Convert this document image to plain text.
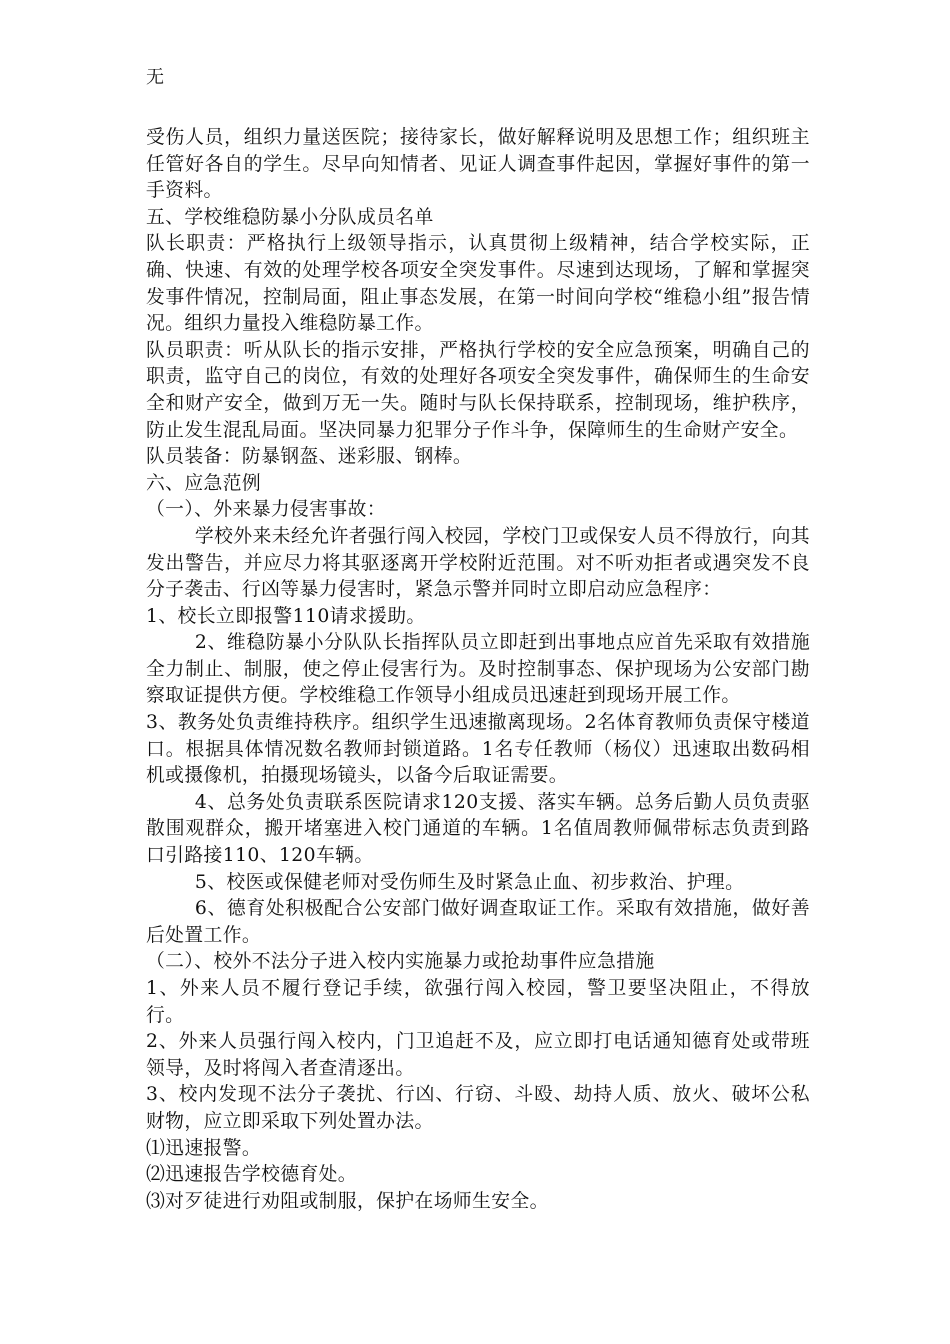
无

受伤人员，组织力量送医院；接待家长，做好解释说明及思想工作；组织班主任管好各自的学生。尽早向知情者、见证人调查事件起因，掌握好事件的第一手资料。

五、学校维稳防暴小分队成员名单

队长职责：严格执行上级领导指示，认真贯彻上级精神，结合学校实际，正确、快速、有效的处理学校各项安全突发事件。尽速到达现场，了解和掌握突发事件情况，控制局面，阻止事态发展，在第一时间向学校“维稳小组”报告情况。组织力量投入维稳防暴工作。

队员职责：听从队长的指示安排，严格执行学校的安全应急预案，明确自己的职责，监守自己的岗位，有效的处理好各项安全突发事件，确保师生的生命安全和财产安全，做到万无一失。随时与队长保持联系，控制现场，维护秩序，防止发生混乱局面。坚决同暴力犯罪分子作斗争，保障师生的生命财产安全。

队员装备：防暴钢盔、迷彩服、钢棒。

六、应急范例

（一）、外来暴力侵害事故：

学校外来未经允许者强行闯入校园，学校门卫或保安人员不得放行，向其发出警告，并应尽力将其驱逐离开学校附近范围。对不听劝拒者或遇突发不良分子袭击、行凶等暴力侵害时，紧急示警并同时立即启动应急程序：

1、校长立即报警110请求援助。

2、维稳防暴小分队队长指挥队员立即赶到出事地点应首先采取有效措施全力制止、制服，使之停止侵害行为。及时控制事态、保护现场为公安部门勘察取证提供方便。学校维稳工作领导小组成员迅速赶到现场开展工作。

3、教务处负责维持秩序。组织学生迅速撤离现场。2名体育教师负责保守楼道口。根据具体情况数名教师封锁道路。1名专任教师（杨仪）迅速取出数码相机或摄像机，拍摄现场镜头，以备今后取证需要。

4、总务处负责联系医院请求120支援、落实车辆。总务后勤人员负责驱散围观群众，搬开堵塞进入校门通道的车辆。1名值周教师佩带标志负责到路口引路接110、120车辆。

5、校医或保健老师对受伤师生及时紧急止血、初步救治、护理。

6、德育处积极配合公安部门做好调查取证工作。采取有效措施，做好善后处置工作。

（二）、校外不法分子进入校内实施暴力或抢劫事件应急措施

1、外来人员不履行登记手续，欲强行闯入校园，警卫要坚决阻止，不得放行。

2、外来人员强行闯入校内，门卫追赶不及，应立即打电话通知德育处或带班领导，及时将闯入者查清逐出。

3、校内发现不法分子袭扰、行凶、行窃、斗殴、劫持人质、放火、破坏公私财物，应立即采取下列处置办法。

⑴迅速报警。

⑵迅速报告学校德育处。

⑶对歹徒进行劝阻或制服，保护在场师生安全。
